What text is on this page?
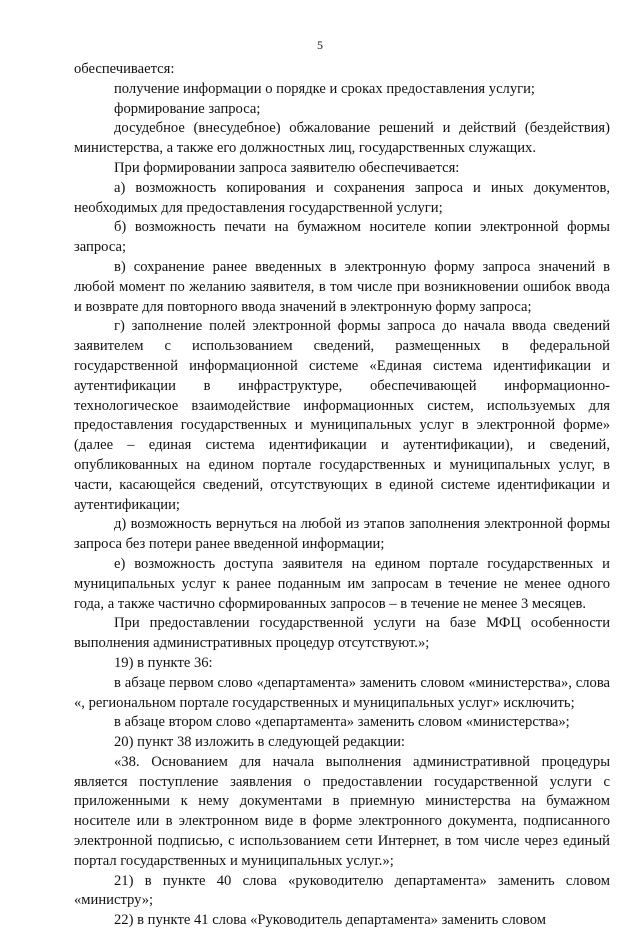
5

обеспечивается:

получение информации о порядке и сроках предоставления услуги;

формирование запроса;

досудебное (внесудебное) обжалование решений и действий (бездействия) министерства, а также его должностных лиц, государственных служащих.

При формировании запроса заявителю обеспечивается:

а) возможность копирования и сохранения запроса и иных документов, необходимых для предоставления государственной услуги;

б) возможность печати на бумажном носителе копии электронной формы запроса;

в) сохранение ранее введенных в электронную форму запроса значений в любой момент по желанию заявителя, в том числе при возникновении ошибок ввода и возврате для повторного ввода значений в электронную форму запроса;

г) заполнение полей электронной формы запроса до начала ввода сведений заявителем с использованием сведений, размещенных в федеральной государственной информационной системе «Единая система идентификации и аутентификации в инфраструктуре, обеспечивающей информационно-технологическое взаимодействие информационных систем, используемых для предоставления государственных и муниципальных услуг в электронной форме» (далее – единая система идентификации и аутентификации), и сведений, опубликованных на едином портале государственных и муниципальных услуг, в части, касающейся сведений, отсутствующих в единой системе идентификации и аутентификации;

д) возможность вернуться на любой из этапов заполнения электронной формы запроса без потери ранее введенной информации;

е) возможность доступа заявителя на едином портале государственных и муниципальных услуг к ранее поданным им запросам в течение не менее одного года, а также частично сформированных запросов – в течение не менее 3 месяцев.

При предоставлении государственной услуги на базе МФЦ особенности выполнения административных процедур отсутствуют.»;

19) в пункте 36:

в абзаце первом слово «департамента» заменить словом «министерства», слова «, региональном портале государственных и муниципальных услуг» исключить;

в абзаце втором слово «департамента» заменить словом «министерства»;

20) пункт 38 изложить в следующей редакции:

«38. Основанием для начала выполнения административной процедуры является поступление заявления о предоставлении государственной услуги с приложенными к нему документами в приемную министерства на бумажном носителе или в электронном виде в форме электронного документа, подписанного электронной подписью, с использованием сети Интернет, в том числе через единый портал государственных и муниципальных услуг.»;

21) в пункте 40 слова «руководителю департамента» заменить словом «министру»;

22) в пункте 41 слова «Руководитель департамента» заменить словом
